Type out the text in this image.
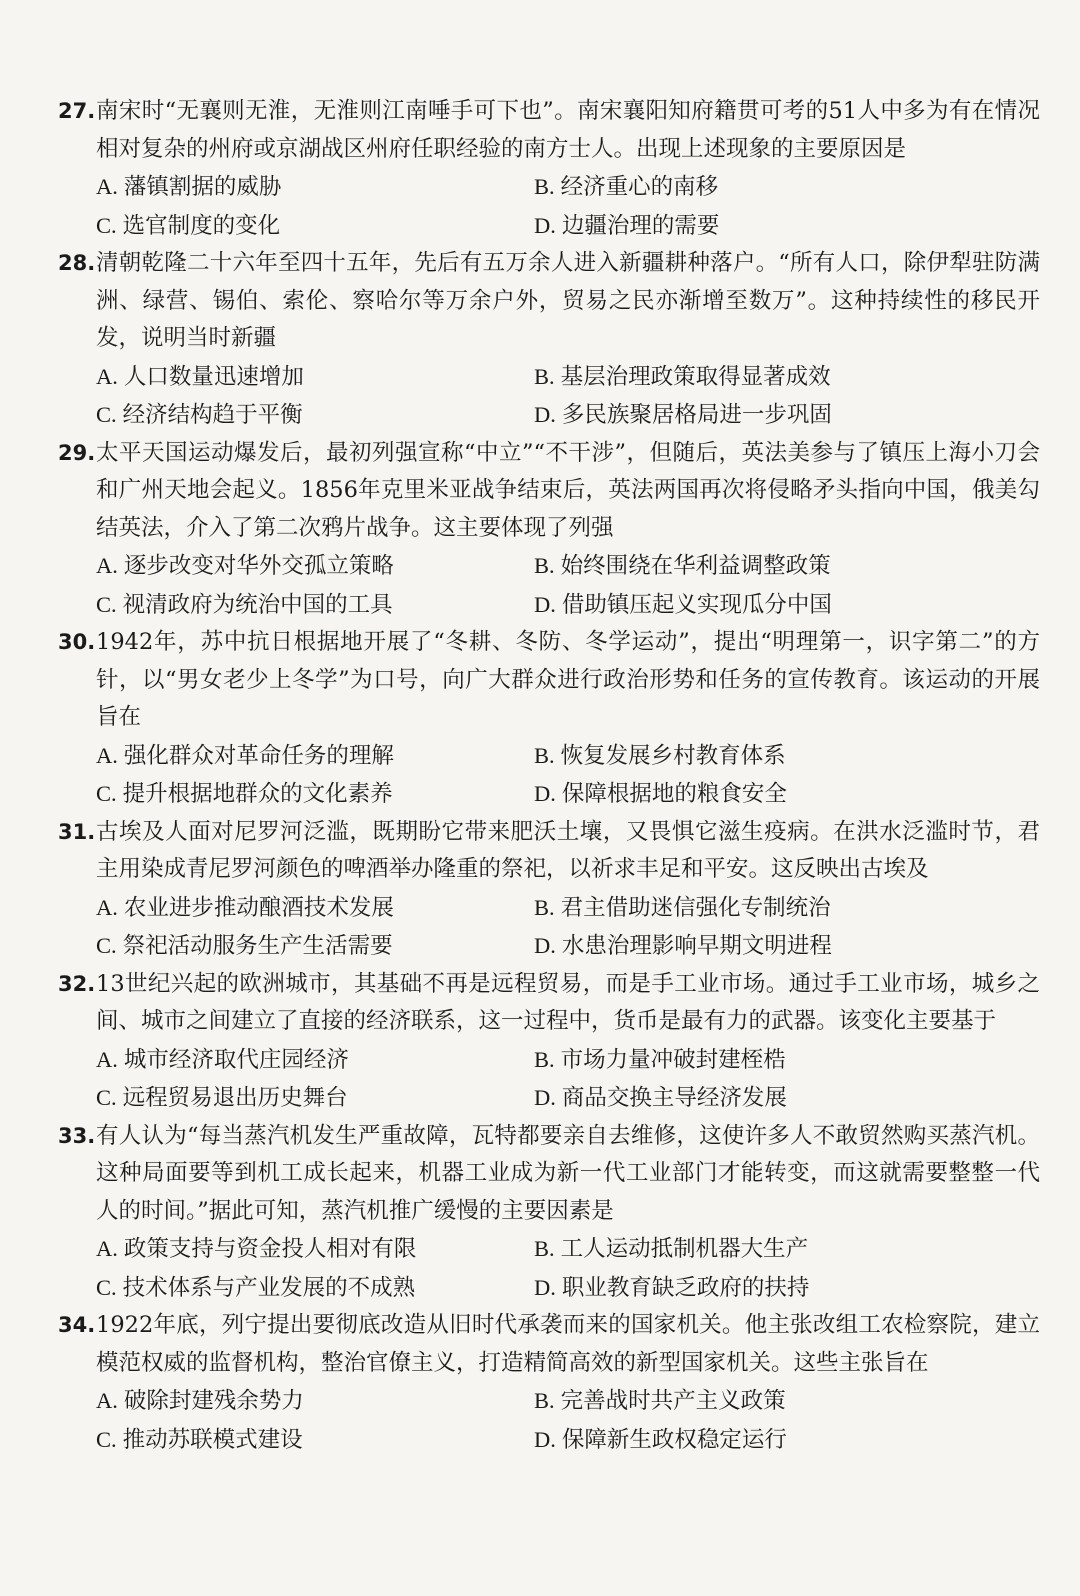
27. 南宋时“无襄则无淮，无淮则江南唾手可下也”。南宋襄阳知府籍贯可考的51人中多为有在情况相对复杂的州府或京湖战区州府任职经验的南方士人。出现上述现象的主要原因是
A. 藩镇割据的威胁	B. 经济重心的南移
C. 选官制度的变化	D. 边疆治理的需要
28. 清朝乾隆二十六年至四十五年，先后有五万余人进入新疆耕种落户。“所有人口，除伊犁驻防满洲、绿营、锡伯、索伦、察哈尔等万余户外，贸易之民亦渐增至数万”。这种持续性的移民开发，说明当时新疆
A. 人口数量迅速增加	B. 基层治理政策取得显著成效
C. 经济结构趋于平衡	D. 多民族聚居格局进一步巩固
29. 太平天国运动爆发后，最初列强宣称“中立”“不干涉”，但随后，英法美参与了镇压上海小刀会和广州天地会起义。1856年克里米亚战争结束后，英法两国再次将侵略矛头指向中国，俄美勾结英法，介入了第二次鸦片战争。这主要体现了列强
A. 逐步改变对华外交孤立策略	B. 始终围绕在华利益调整政策
C. 视清政府为统治中国的工具	D. 借助镇压起义实现瓜分中国
30. 1942年，苏中抗日根据地开展了“冬耕、冬防、冬学运动”，提出“明理第一，识字第二”的方针，以“男女老少上冬学”为口号，向广大群众进行政治形势和任务的宣传教育。该运动的开展旨在
A. 强化群众对革命任务的理解	B. 恢复发展乡村教育体系
C. 提升根据地群众的文化素养	D. 保障根据地的粮食安全
31. 古埃及人面对尼罗河泛滥，既期盼它带来肥沃土壤，又畏惧它滋生疫病。在洪水泛滥时节，君主用染成青尼罗河颜色的啤酒举办隆重的祭祀，以祈求丰足和平安。这反映出古埃及
A. 农业进步推动酿酒技术发展	B. 君主借助迷信强化专制统治
C. 祭祀活动服务生产生活需要	D. 水患治理影响早期文明进程
32. 13世纪兴起的欧洲城市，其基础不再是远程贸易，而是手工业市场。通过手工业市场，城乡之间、城市之间建立了直接的经济联系，这一过程中，货币是最有力的武器。该变化主要基于
A. 城市经济取代庄园经济	B. 市场力量冲破封建桎梏
C. 远程贸易退出历史舞台	D. 商品交换主导经济发展
33. 有人认为“每当蒸汽机发生严重故障，瓦特都要亲自去维修，这使许多人不敢贸然购买蒸汽机。这种局面要等到机工成长起来，机器工业成为新一代工业部门才能转变，而这就需要整整一代人的时间。”据此可知，蒸汽机推广缓慢的主要因素是
A. 政策支持与资金投人相对有限	B. 工人运动抵制机器大生产
C. 技术体系与产业发展的不成熟	D. 职业教育缺乏政府的扶持
34. 1922年底，列宁提出要彻底改造从旧时代承袭而来的国家机关。他主张改组工农检察院，建立模范权威的监督机构，整治官僚主义，打造精简高效的新型国家机关。这些主张旨在
A. 破除封建残余势力	B. 完善战时共产主义政策
C. 推动苏联模式建设	D. 保障新生政权稳定运行
